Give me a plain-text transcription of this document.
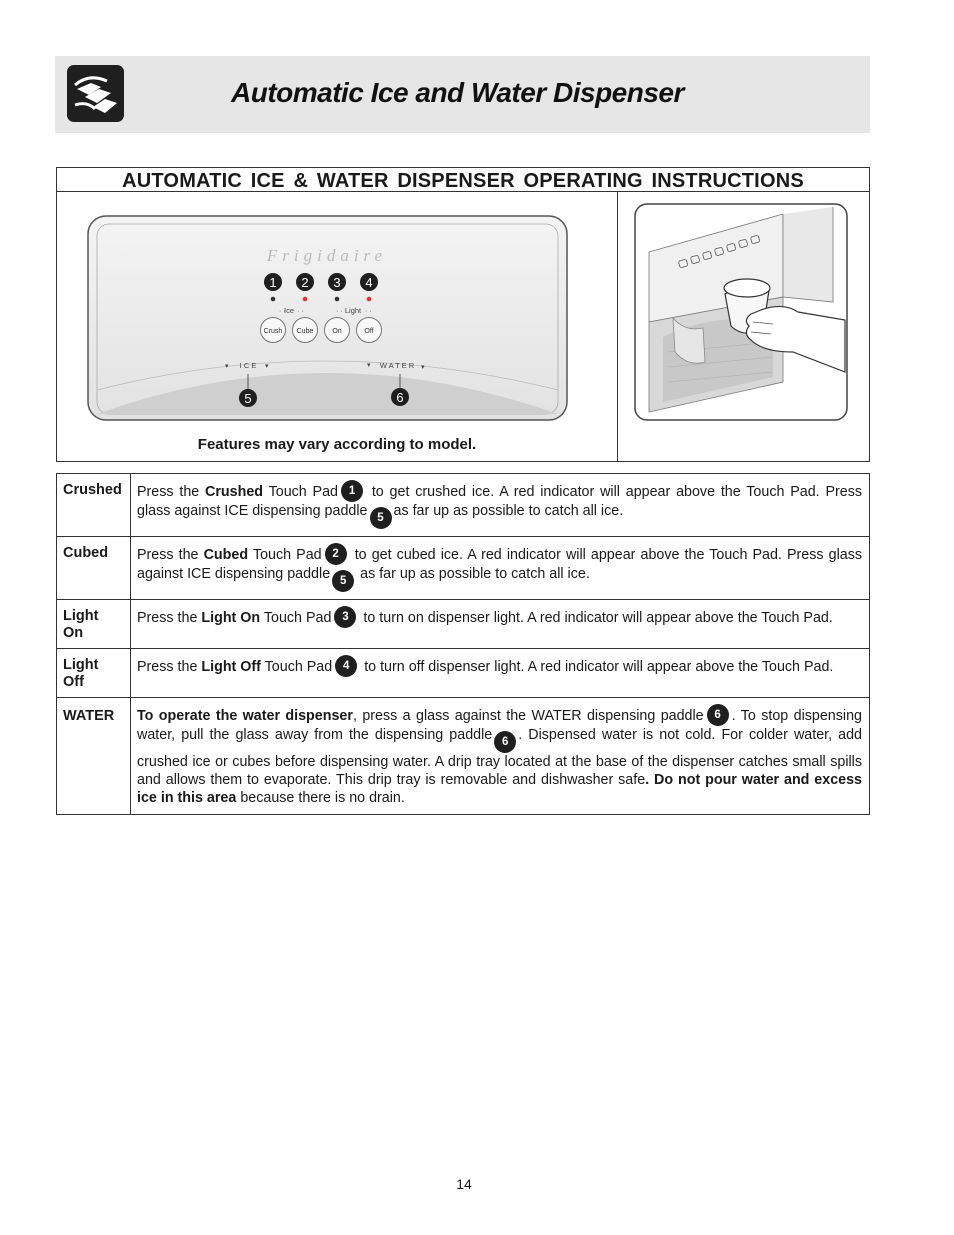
Automatic Ice and Water Dispenser
AUTOMATIC ICE & WATER DISPENSER OPERATING INSTRUCTIONS
Frigidaire
1 2 3 4
· ·
Ice · ·	· · Light · ·
Crush Cube	On	Off
▾ I C E ▾	▾ W A T E R ▾
5	6
Features may vary according to model.
Crushed	Press the Crushed Touch Pad 1 to get crushed ice. A red indicator will appear above the Touch Pad. Press glass against ICE dispensing paddle 5 as far up as possible to catch all ice.
Cubed	Press the Cubed Touch Pad 2 to get cubed ice. A red indicator will appear above the Touch Pad. Press glass against ICE dispensing paddle 5 as far up as possible to catch all ice.
Light
On	Press the Light On Touch Pad 3 to turn on dispenser light. A red indicator will appear above the Touch Pad.
Light
Off	Press the Light Off Touch Pad 4 to turn off dispenser light. A red indicator will appear above the Touch Pad.
WATER	To operate the water dispenser, press a glass against the WATER dispensing paddle 6 . To stop dispensing water, pull the glass away from the dispensing paddle 6 . Dispensed water is not cold. For colder water, add crushed ice or cubes before dispensing water. A drip tray located at the base of the dispenser catches small spills and allows them to evaporate. This drip tray is removable and dishwasher safe. Do not pour water and excess ice in this area because there is no drain.
14
